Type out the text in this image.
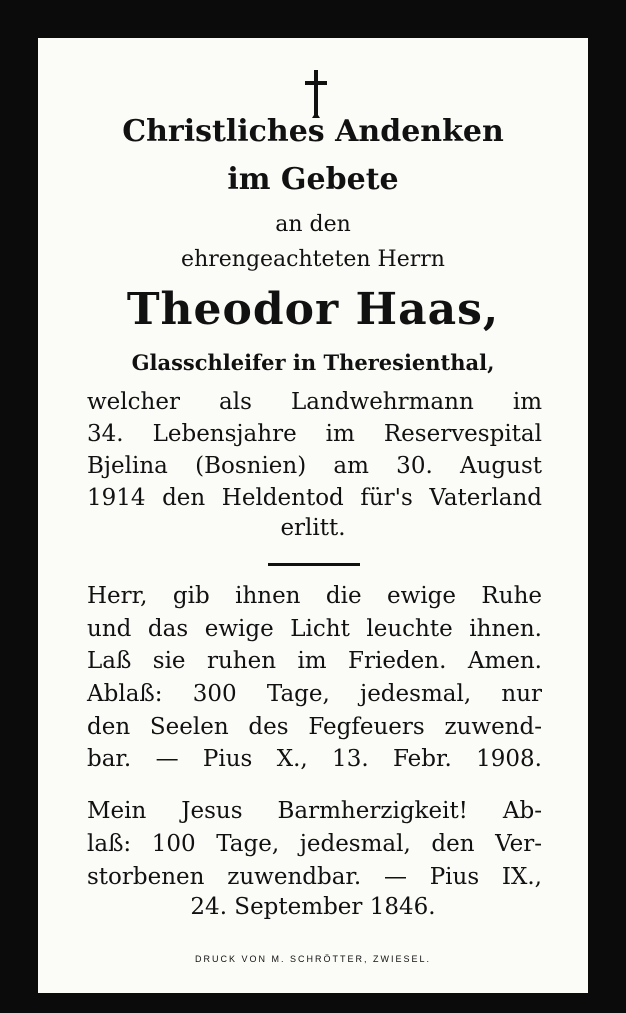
Christliches Andenken
im Gebete
an den
ehrengeachteten Herrn
Theodor Haas,
Glasschleifer in Theresienthal,
welcher als Landwehrmann im
34. Lebensjahre im Reservespital
Bjelina (Bosnien) am 30. August
1914 den Heldentod für's Vaterland
erlitt.
Herr, gib ihnen die ewige Ruhe
und das ewige Licht leuchte ihnen.
Laß sie ruhen im Frieden. Amen.
Ablaß: 300 Tage, jedesmal, nur
den Seelen des Fegfeuers zuwend-
bar. — Pius X., 13. Febr. 1908.
Mein Jesus Barmherzigkeit! Ab-
laß: 100 Tage, jedesmal, den Ver-
storbenen zuwendbar. — Pius IX.,
24. September 1846.
DRUCK VON M. SCHRÖTTER, ZWIESEL.
